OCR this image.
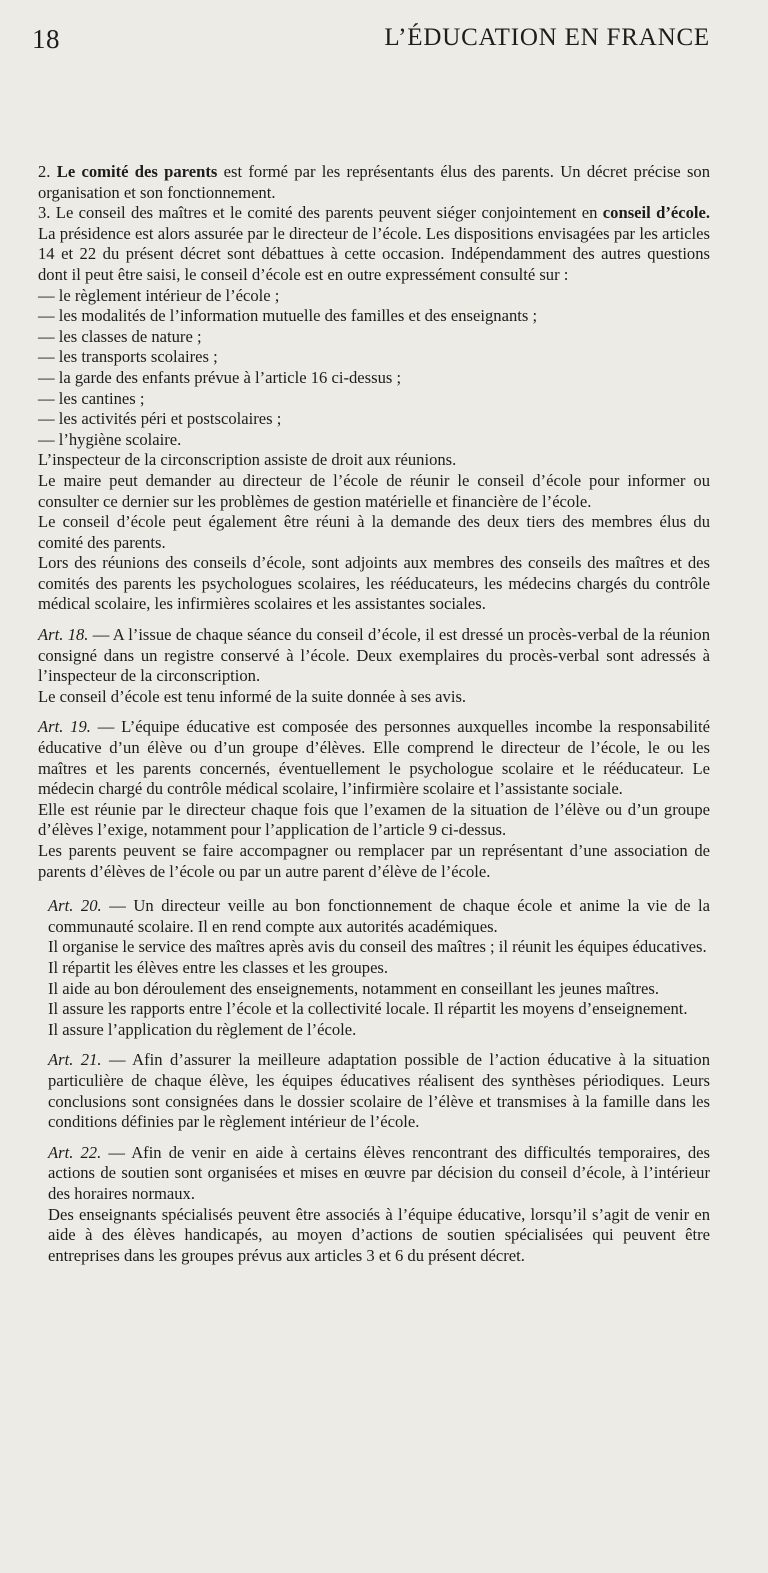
18	L’ÉDUCATION EN FRANCE

2. Le comité des parents est formé par les représentants élus des parents. Un décret précise son organisation et son fonctionnement.

3. Le conseil des maîtres et le comité des parents peuvent siéger conjointement en conseil d’école. La présidence est alors assurée par le directeur de l’école. Les dispositions envisagées par les articles 14 et 22 du présent décret sont débattues à cette occasion. Indépendamment des autres questions dont il peut être saisi, le conseil d’école est en outre expressément consulté sur :

— le règlement intérieur de l’école ;

— les modalités de l’information mutuelle des familles et des enseignants ;

— les classes de nature ;

— les transports scolaires ;

— la garde des enfants prévue à l’article 16 ci-dessus ;

— les cantines ;

— les activités péri et postscolaires ;

— l’hygiène scolaire.

L’inspecteur de la circonscription assiste de droit aux réunions.

Le maire peut demander au directeur de l’école de réunir le conseil d’école pour informer ou consulter ce dernier sur les problèmes de gestion matérielle et financière de l’école.

Le conseil d’école peut également être réuni à la demande des deux tiers des membres élus du comité des parents.

Lors des réunions des conseils d’école, sont adjoints aux membres des conseils des maîtres et des comités des parents les psychologues scolaires, les rééducateurs, les médecins chargés du contrôle médical scolaire, les infirmières scolaires et les assistantes sociales.

Art. 18. — A l’issue de chaque séance du conseil d’école, il est dressé un procès-verbal de la réunion consigné dans un registre conservé à l’école. Deux exemplaires du procès-verbal sont adressés à l’inspecteur de la circonscription.

Le conseil d’école est tenu informé de la suite donnée à ses avis.

Art. 19. — L’équipe éducative est composée des personnes auxquelles incombe la responsabilité éducative d’un élève ou d’un groupe d’élèves. Elle comprend le directeur de l’école, le ou les maîtres et les parents concernés, éventuellement le psychologue scolaire et le rééducateur. Le médecin chargé du contrôle médical scolaire, l’infirmière scolaire et l’assistante sociale.

Elle est réunie par le directeur chaque fois que l’examen de la situation de l’élève ou d’un groupe d’élèves l’exige, notamment pour l’application de l’article 9 ci-dessus.

Les parents peuvent se faire accompagner ou remplacer par un représentant d’une association de parents d’élèves de l’école ou par un autre parent d’élève de l’école.

Art. 20. — Un directeur veille au bon fonctionnement de chaque école et anime la vie de la communauté scolaire. Il en rend compte aux autorités académiques.

Il organise le service des maîtres après avis du conseil des maîtres ; il réunit les équipes éducatives.

Il répartit les élèves entre les classes et les groupes.

Il aide au bon déroulement des enseignements, notamment en conseillant les jeunes maîtres.

Il assure les rapports entre l’école et la collectivité locale. Il répartit les moyens d’enseignement.

Il assure l’application du règlement de l’école.

Art. 21. — Afin d’assurer la meilleure adaptation possible de l’action éducative à la situation particulière de chaque élève, les équipes éducatives réalisent des synthèses périodiques. Leurs conclusions sont consignées dans le dossier scolaire de l’élève et transmises à la famille dans les conditions définies par le règlement intérieur de l’école.

Art. 22. — Afin de venir en aide à certains élèves rencontrant des difficultés temporaires, des actions de soutien sont organisées et mises en œuvre par décision du conseil d’école, à l’intérieur des horaires normaux.

Des enseignants spécialisés peuvent être associés à l’équipe éducative, lorsqu’il s’agit de venir en aide à des élèves handicapés, au moyen d’actions de soutien spécialisées qui peuvent être entreprises dans les groupes prévus aux articles 3 et 6 du présent décret.
